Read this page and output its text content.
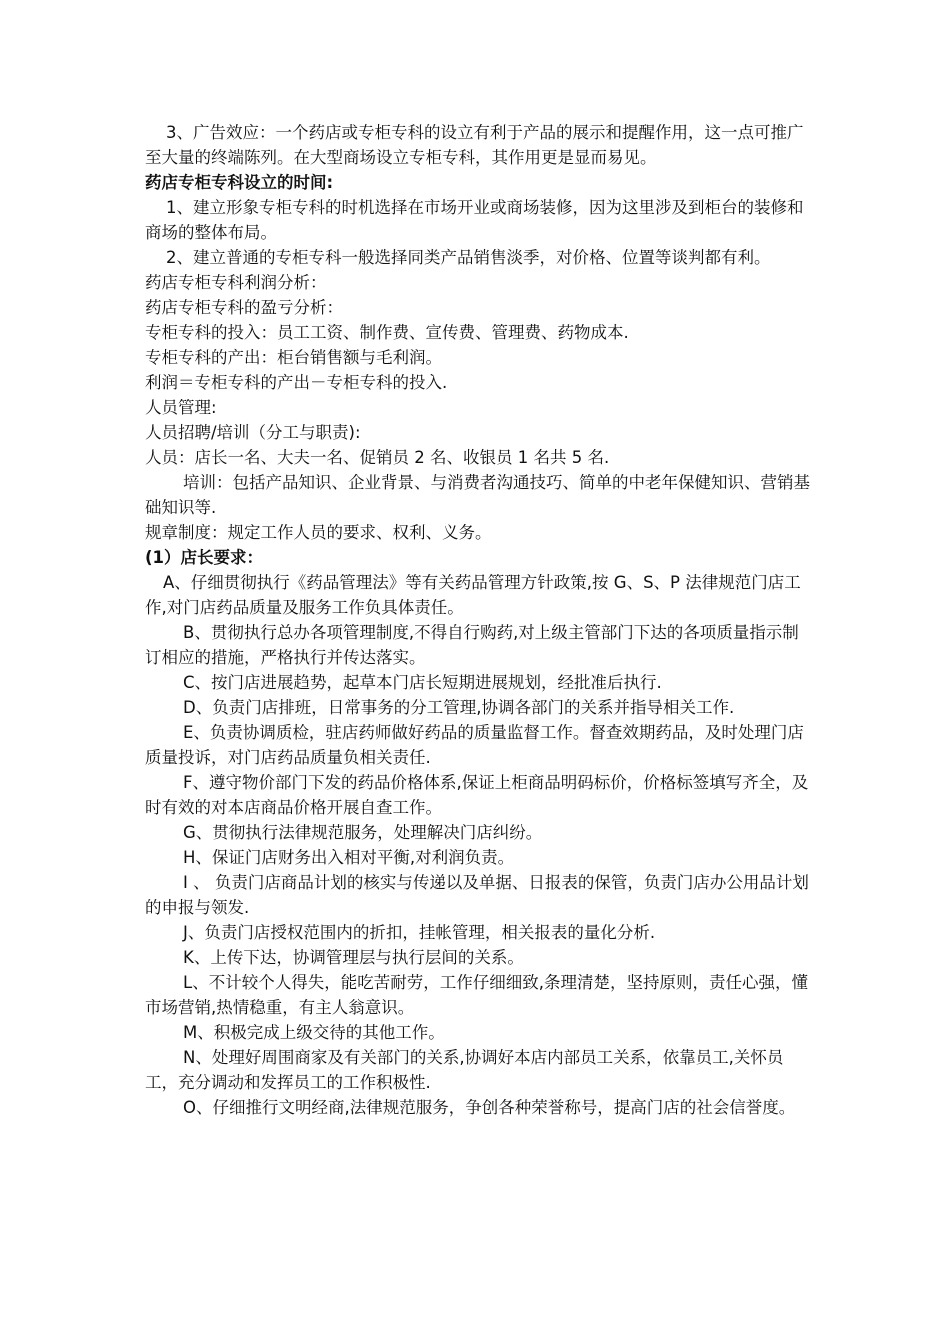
3、广告效应：一个药店或专柜专科的设立有利于产品的展示和提醒作用，这一点可推广至大量的终端陈列。在大型商场设立专柜专科，其作用更是显而易见。

药店专柜专科设立的时间:

1、建立形象专柜专科的时机选择在市场开业或商场装修，因为这里涉及到柜台的装修和商场的整体布局。

2、建立普通的专柜专科一般选择同类产品销售淡季，对价格、位置等谈判都有利。

药店专柜专科利润分析：

药店专柜专科的盈亏分析：

专柜专科的投入：员工工资、制作费、宣传费、管理费、药物成本.

专柜专科的产出：柜台销售额与毛利润。

利润＝专柜专科的产出－专柜专科的投入.

人员管理:

人员招聘/培训（分工与职责):

人员：店长一名、大夫一名、促销员 2 名、收银员 1 名共 5 名.

培训：包括产品知识、企业背景、与消费者沟通技巧、简单的中老年保健知识、营销基础知识等.

规章制度：规定工作人员的要求、权利、义务。

(1）店长要求：

A、仔细贯彻执行《药品管理法》等有关药品管理方针政策,按 G、S、P 法律规范门店工作,对门店药品质量及服务工作负具体责任。

B、贯彻执行总办各项管理制度,不得自行购药,对上级主管部门下达的各项质量指示制订相应的措施，严格执行并传达落实。

C、按门店进展趋势，起草本门店长短期进展规划，经批准后执行.

D、负责门店排班，日常事务的分工管理,协调各部门的关系并指导相关工作.

E、负责协调质检，驻店药师做好药品的质量监督工作。督查效期药品，及时处理门店质量投诉，对门店药品质量负相关责任.

F、遵守物价部门下发的药品价格体系,保证上柜商品明码标价，价格标签填写齐全，及时有效的对本店商品价格开展自查工作。

G、贯彻执行法律规范服务，处理解决门店纠纷。

H、保证门店财务出入相对平衡,对利润负责。

I 、 负责门店商品计划的核实与传递以及单据、日报表的保管，负责门店办公用品计划的申报与领发.

J、负责门店授权范围内的折扣，挂帐管理，相关报表的量化分析.

K、上传下达，协调管理层与执行层间的关系。

L、不计较个人得失，能吃苦耐劳，工作仔细细致,条理清楚，坚持原则，责任心强，懂市场营销,热情稳重，有主人翁意识。

M、积极完成上级交待的其他工作。

N、处理好周围商家及有关部门的关系,协调好本店内部员工关系，依靠员工,关怀员工，充分调动和发挥员工的工作积极性.

O、仔细推行文明经商,法律规范服务，争创各种荣誉称号，提高门店的社会信誉度。
